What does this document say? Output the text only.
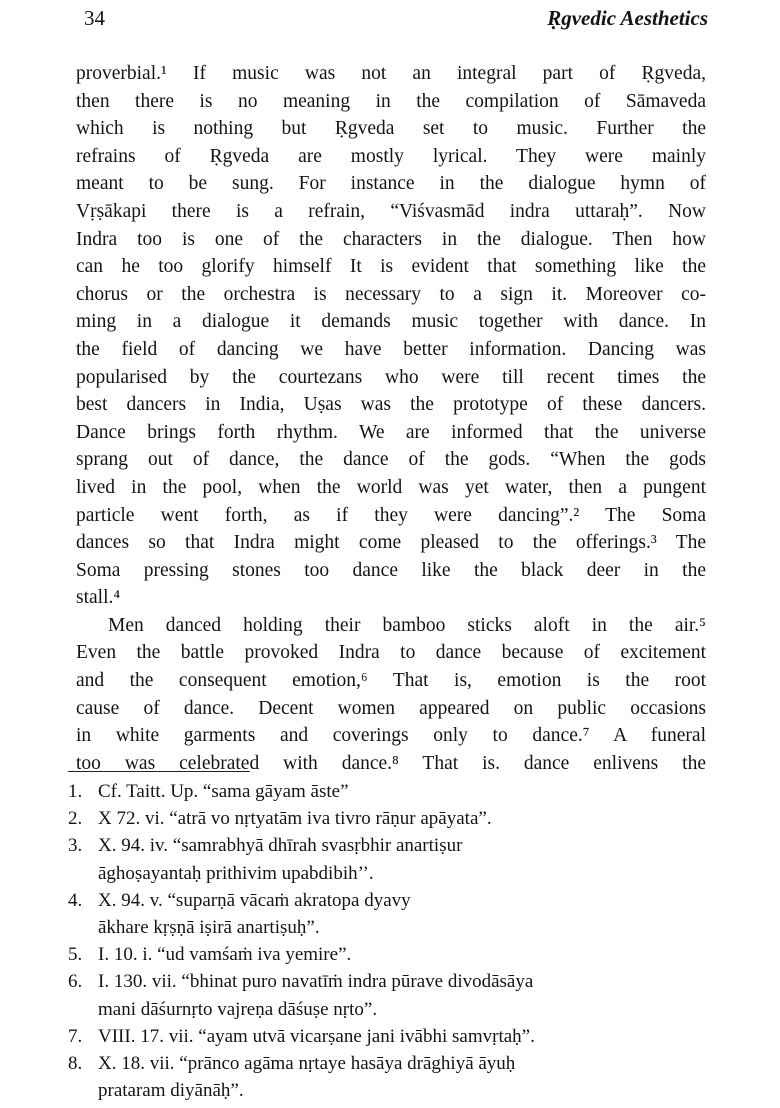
34	Ṛgvedic Aesthetics
proverbial.¹ If music was not an integral part of Ṛgveda,
then there is no meaning in the compilation of Sāmaveda
which is nothing but Ṛgveda set to music. Further the
refrains of Ṛgveda are mostly lyrical. They were mainly
meant to be sung. For instance in the dialogue hymn of
Vṛṣākapi there is a refrain, “Viśvasmād indra uttaraḥ”. Now
Indra too is one of the characters in the dialogue. Then how
can he too glorify himself It is evident that something like the
chorus or the orchestra is necessary to a sign it. Moreover co-
ming in a dialogue it demands music together with dance. In
the field of dancing we have better information. Dancing was
popularised by the courtezans who were till recent times the
best dancers in India, Uṣas was the prototype of these dancers.
Dance brings forth rhythm. We are informed that the universe
sprang out of dance, the dance of the gods. “When the gods
lived in the pool, when the world was yet water, then a pungent
particle went forth, as if they were dancing”.² The Soma
dances so that Indra might come pleased to the offerings.³ The
Soma pressing stones too dance like the black deer in the
stall.⁴
Men danced holding their bamboo sticks aloft in the air.⁵
Even the battle provoked Indra to dance because of excitement
and the consequent emotion,⁶ That is, emotion is the root
cause of dance. Decent women appeared on public occasions
in white garments and coverings only to dance.⁷ A funeral
too was celebrated with dance.⁸ That is. dance enlivens the
1. Cf. Taitt. Up. “sama gāyam āste”
2. X 72. vi. “atrā vo nṛtyatām iva tivro rāṇur apāyata”.
3. X. 94. iv. “samrabhyā dhīrah svasṛbhir anartiṣur
āghoṣayantaḥ prithivim upabdibih’’.
4. X. 94. v. “suparṇā vācaṁ akratopa dyavy
ākhare kṛṣṇā iṣirā anartiṣuḥ”.
5. I. 10. i. “ud vamśaṁ iva yemire”.
6. I. 130. vii. “bhinat puro navatīṁ indra pūrave divodāsāya
mani dāśurnṛto vajreṇa dāśuṣe nṛto”.
7. VIII. 17. vii. “ayam utvā vicarṣane jani ivābhi samvṛtaḥ”.
8. X. 18. vii. “prānco agāma nṛtaye hasāya drāghiyā āyuḥ
prataram diyānāḥ”.
